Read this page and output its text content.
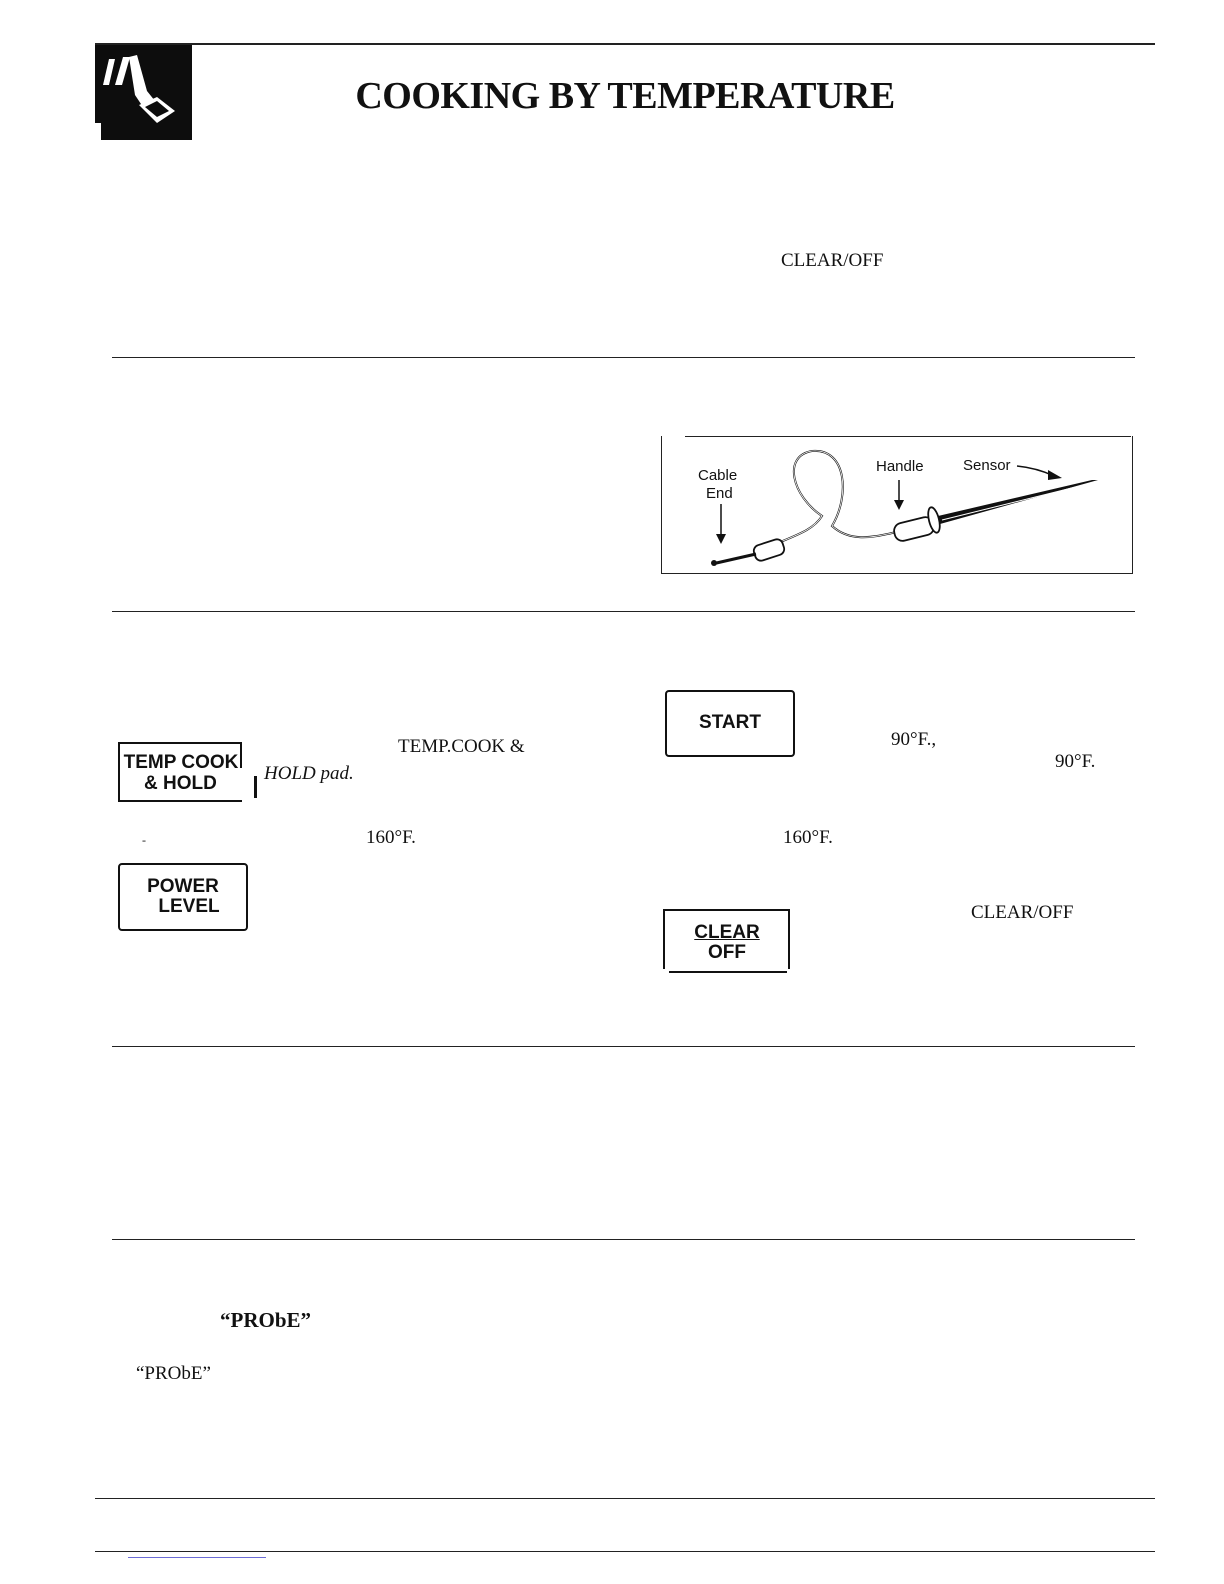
COOKING BY TEMPERATURE
CLEAR/OFF
Cable
End
Handle	Sensor
TEMP COOK
& HOLD
TEMP.COOK &
HOLD pad.
-	160°F.
POWER
LEVEL
START
90°F.,
90°F.
160°F.
CLEAR/OFF
CLEAR
OFF
“PRObE”
“PRObE”
